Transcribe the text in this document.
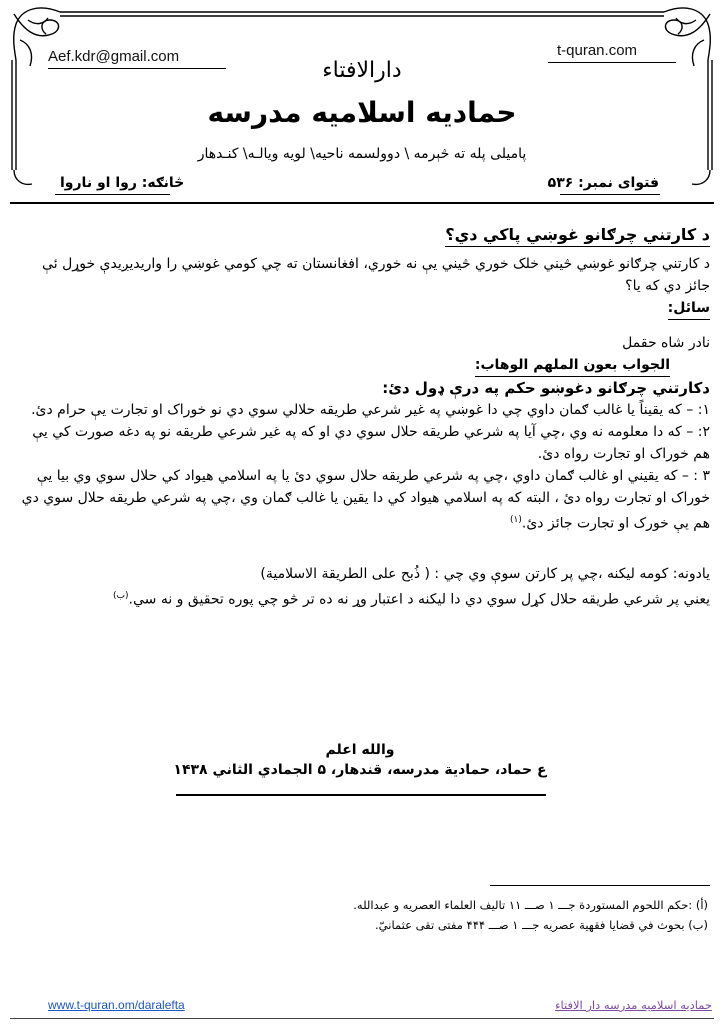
Aef.kdr@gmail.com	t-quran.com
دارالافتاء
حمادیه اسلامیه مدرسه
پاميلی پله ته څېرمه \ دوولسمه ناحيه\ لويه ويالـه\ كنـدهار
فتوای نمبر: ۵۳۶
څانګه: روا او ناروا

د کارتني چرګانو غوښي پاکي دي؟

د کارتني چرګانو غوښي څيني خلک خوري څيني يې نه خوري، افغانستان ته چي کومي غوښي را واريديږيدې خوړل ئې جائز دي که يا؟

سائل:

نادر شاه حقمل

الجواب بعون الملهم الوهاب:

دکارتني چرګانو دغوښو حکم په درې ډول دئ:

۱: – که يقيناً يا غالب ګمان داوي چي دا غوښي په غير شرعي طريقه حلالي سوي دي نو خوراک او تجارت يې حرام دئ.

۲: – که دا معلومه نه وي ،چي آيا په شرعي طريقه حلال سوي دي او که په غير شرعي طريقه نو په دغه صورت کي يې هم خوراک او تجارت رواه دئ.

۳ : – که يقيني او غالب ګمان داوي ،چي په شرعي طريقه حلال سوي دئ يا په اسلامي هيواد کي حلال سوي وي بيا يې خوراک او تجارت رواه دئ ، البته که په اسلامي هيواد کي دا يقين يا غالب ګمان وي ،چي په شرعي طريقه حلال سوي دي هم يې خورک او تجارت جائز دئ.$^{(۱)}$

يادونه: کومه ليکنه ،چي پر کارتن سوې وي چي : ( ذُبح على الطريقة الاسلامية)

يعني پر شرعي طريقه حلال کړل سوي دي دا ليکنه د اعتبار وړ نه ده تر څو چي پوره تحقيق و نه سي.$^{(ب)}$

والله اعلم
ع حماد، حمادية مدرسه، قندهار، ۵ الجمادي الثاني ۱۴۳۸
(أ) :حكم اللحوم المستوردة جـــ ۱ صـــ ۱۱ تاليف العلماء العصريه و عبدالله.
(ب) بحوث في قضايا فقهية عصريه جـــ ۱ صـــ ۴۴۴ مفتى تقى عثمانيّ.
www.t-quran.om/daralefta	حماديه اسلاميه مدرسه دار الافتاء
